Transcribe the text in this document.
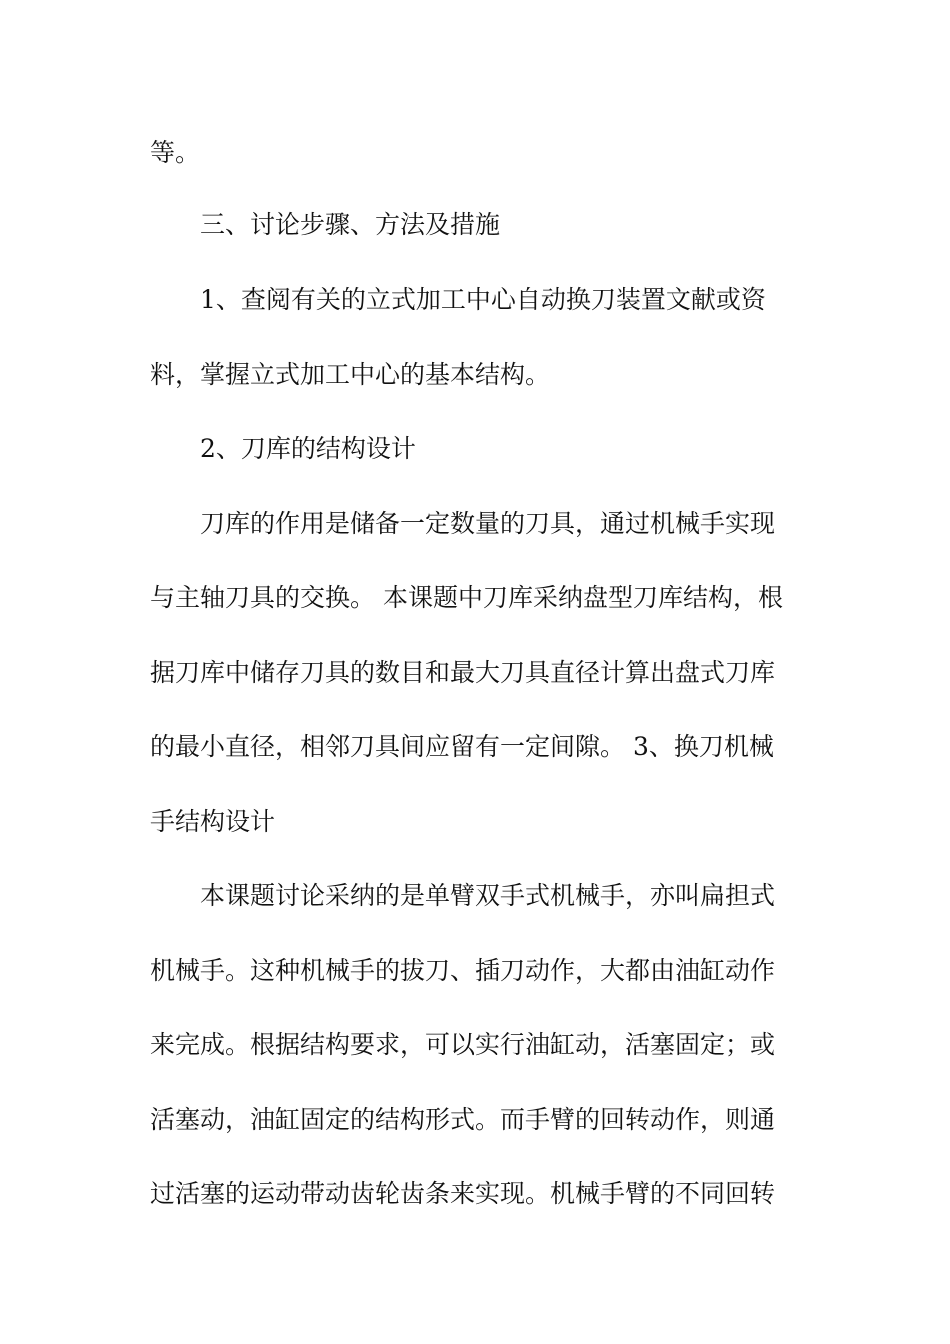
等。
三、讨论步骤、方法及措施
1、查阅有关的立式加工中心自动换刀装置文献或资
料，掌握立式加工中心的基本结构。
2、刀库的结构设计
刀库的作用是储备一定数量的刀具，通过机械手实现
与主轴刀具的交换。 本课题中刀库采纳盘型刀库结构，根
据刀库中储存刀具的数目和最大刀具直径计算出盘式刀库
的最小直径，相邻刀具间应留有一定间隙。 3、换刀机械
手结构设计
本课题讨论采纳的是单臂双手式机械手，亦叫扁担式
机械手。这种机械手的拔刀、插刀动作，大都由油缸动作
来完成。根据结构要求，可以实行油缸动，活塞固定；或
活塞动，油缸固定的结构形式。而手臂的回转动作，则通
过活塞的运动带动齿轮齿条来实现。机械手臂的不同回转
